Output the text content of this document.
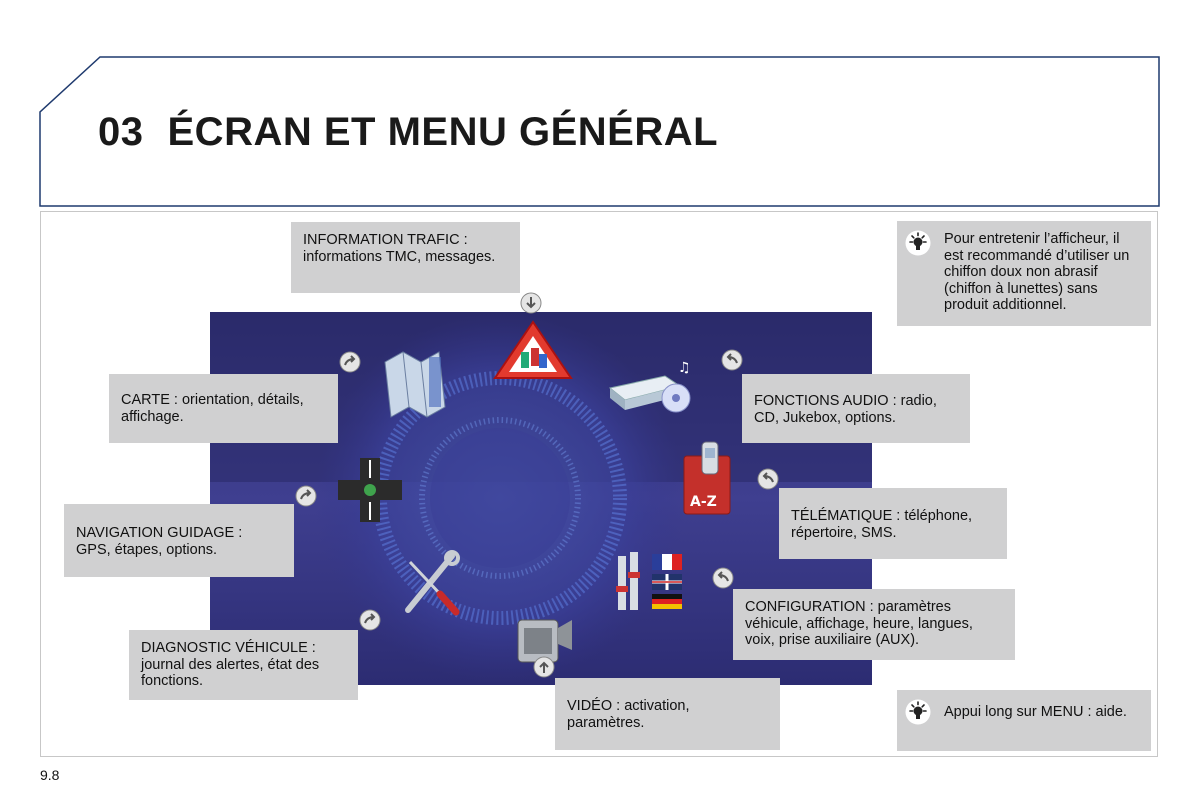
03 ÉCRAN ET MENU GÉNÉRAL
♫
A-Z
INFORMATION TRAFIC :
informations TMC, messages.
CARTE : orientation, détails, affichage.
FONCTIONS AUDIO : radio, CD, Jukebox, options.
NAVIGATION GUIDAGE :
GPS, étapes, options.
TÉLÉMATIQUE : téléphone, répertoire, SMS.
CONFIGURATION : paramètres véhicule, affichage, heure, langues, voix, prise auxiliaire (AUX).
DIAGNOSTIC VÉHICULE :
journal des alertes, état des fonctions.
VIDÉO : activation, paramètres.
Pour entretenir l’afficheur, il est recommandé d’utiliser un chiffon doux non abrasif (chiffon à lunettes) sans produit additionnel.
Appui long sur MENU : aide.
9.8
